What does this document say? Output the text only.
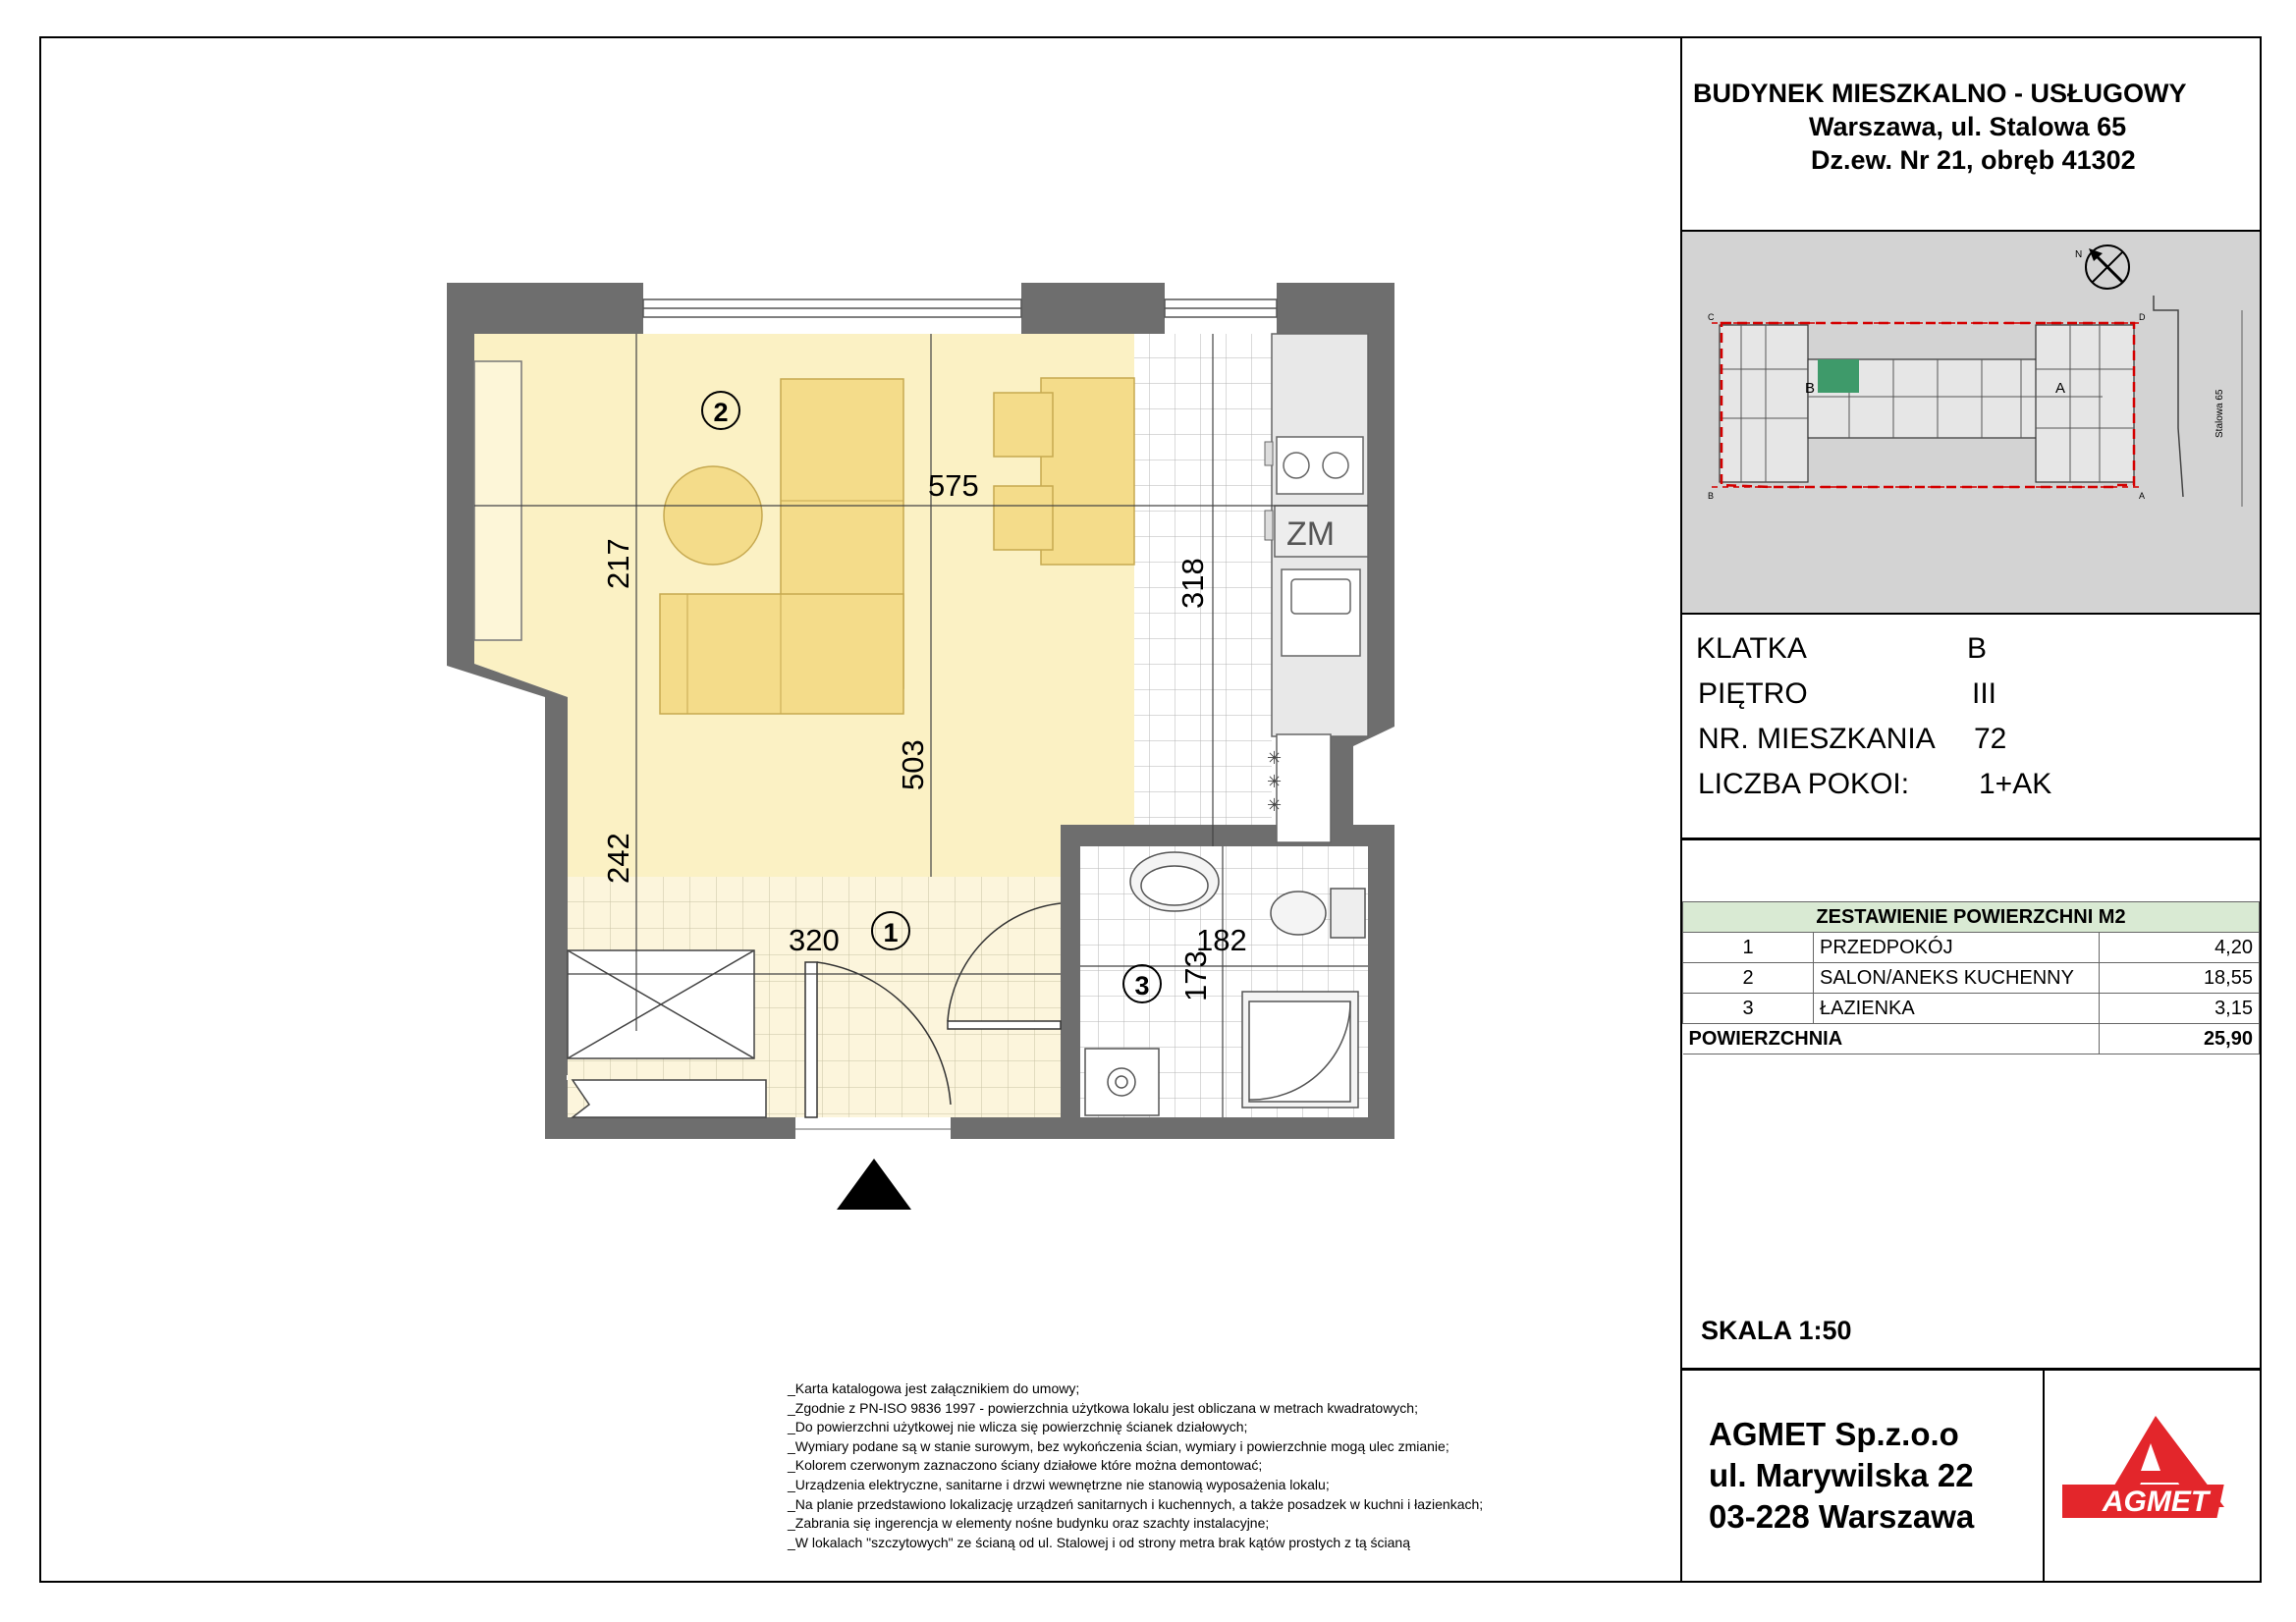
BUDYNEK MIESZKALNO - USŁUGOWY
Warszawa, ul. Stalowa 65
Dz.ew. Nr 21, obręb 41302
B	A
C	D
B	A
Stalowa 65
N
KLATKA	B
PIĘTRO	III
NR. MIESZKANIA 72
LICZBA POKOI: 1+AK
ZESTAWIENIE POWIERZCHNI M2		
1	PRZEDPOKÓJ	4,20
2	SALON/ANEKS KUCHENNY	18,55
3	ŁAZIENKA	3,15
POWIERZCHNIA		25,90
SKALA 1:50
AGMET Sp.z.o.o
ul. Marywilska 22
03-228 Warszawa	AGMET
_Karta katalogowa jest załącznikiem do umowy;
_Zgodnie z PN-ISO 9836 1997 - powierzchnia użytkowa lokalu jest obliczana w metrach kwadratowych;
_Do powierzchni użytkowej nie wlicza się powierzchnię ścianek działowych;
_Wymiary podane są w stanie surowym, bez wykończenia ścian, wymiary i powierzchnie mogą ulec zmianie;
_Kolorem czerwonym zaznaczono ściany działowe które można demontować;
_Urządzenia elektryczne, sanitarne i drzwi wewnętrzne nie stanowią wyposażenia lokalu;
_Na planie przedstawiono lokalizację urządzeń sanitarnych i kuchennych, a także posadzek w kuchni i łazienkach;
_Zabrania się ingerencja w elementy nośne budynku oraz szachty instalacyjne;
_W lokalach "szczytowych" ze ścianą od ul. Stalowej i od strony metra brak kątów prostych z tą ścianą
ZM
✳
✳
✳
575
217	318
503
242
320	182
173
2
1
3
